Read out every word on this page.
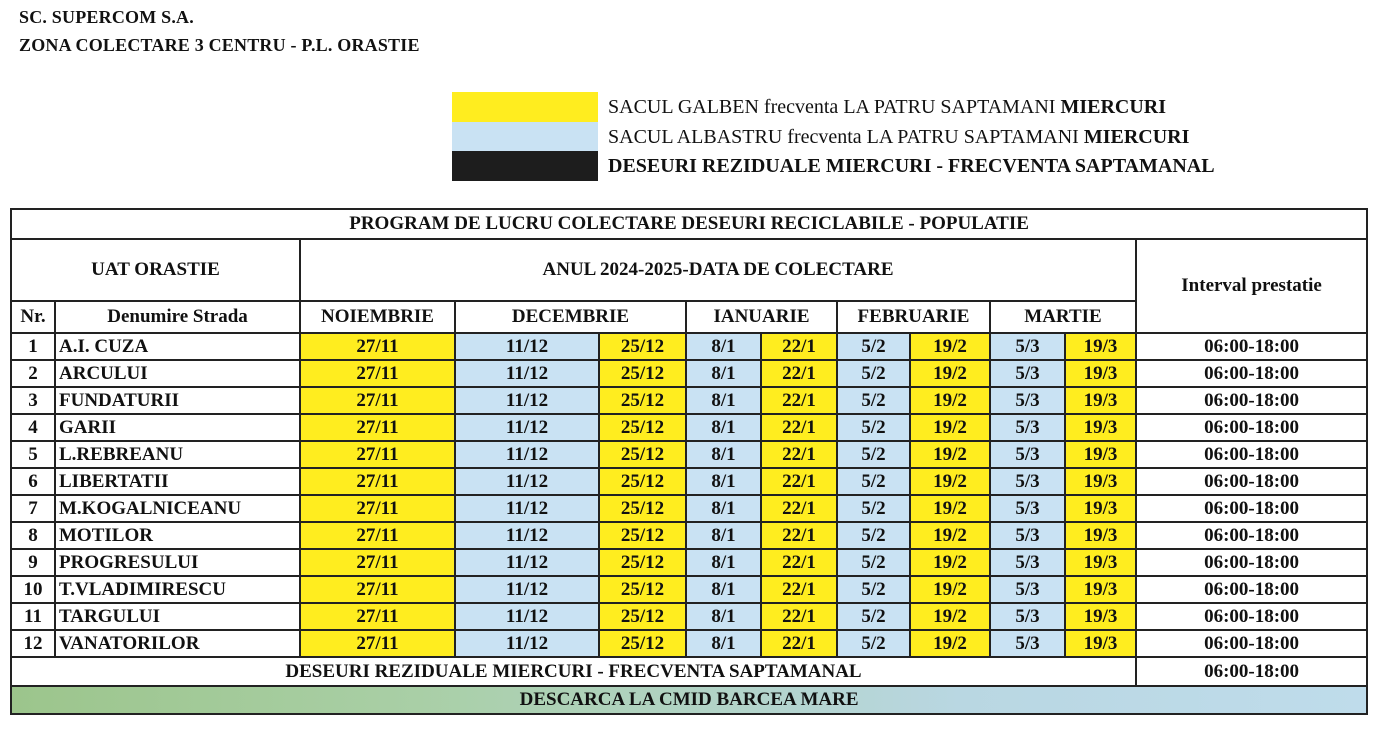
SC. SUPERCOM S.A.
ZONA COLECTARE 3 CENTRU - P.L. ORASTIE
SACUL GALBEN frecventa LA PATRU SAPTAMANI MIERCURI
SACUL ALBASTRU frecventa LA PATRU SAPTAMANI MIERCURI
DESEURI REZIDUALE MIERCURI - FRECVENTA SAPTAMANAL
PROGRAM DE LUCRU COLECTARE DESEURI RECICLABILE - POPULATIE											
UAT ORASTIE		ANUL 2024-2025-DATA DE COLECTARE									Interval prestatie
Nr.	Denumire Strada	NOIEMBRIE	DECEMBRIE		IANUARIE		FEBRUARIE		MARTIE		
1	A.I. CUZA	27/11	11/12	25/12	8/1	22/1	5/2	19/2	5/3	19/3	06:00-18:00
2	ARCULUI	27/11	11/12	25/12	8/1	22/1	5/2	19/2	5/3	19/3	06:00-18:00
3	FUNDATURII	27/11	11/12	25/12	8/1	22/1	5/2	19/2	5/3	19/3	06:00-18:00
4	GARII	27/11	11/12	25/12	8/1	22/1	5/2	19/2	5/3	19/3	06:00-18:00
5	L.REBREANU	27/11	11/12	25/12	8/1	22/1	5/2	19/2	5/3	19/3	06:00-18:00
6	LIBERTATII	27/11	11/12	25/12	8/1	22/1	5/2	19/2	5/3	19/3	06:00-18:00
7	M.KOGALNICEANU	27/11	11/12	25/12	8/1	22/1	5/2	19/2	5/3	19/3	06:00-18:00
8	MOTILOR	27/11	11/12	25/12	8/1	22/1	5/2	19/2	5/3	19/3	06:00-18:00
9	PROGRESULUI	27/11	11/12	25/12	8/1	22/1	5/2	19/2	5/3	19/3	06:00-18:00
10	T.VLADIMIRESCU	27/11	11/12	25/12	8/1	22/1	5/2	19/2	5/3	19/3	06:00-18:00
11	TARGULUI	27/11	11/12	25/12	8/1	22/1	5/2	19/2	5/3	19/3	06:00-18:00
12	VANATORILOR	27/11	11/12	25/12	8/1	22/1	5/2	19/2	5/3	19/3	06:00-18:00
DESEURI REZIDUALE MIERCURI - FRECVENTA SAPTAMANAL											06:00-18:00
DESCARCA LA CMID BARCEA MARE											
